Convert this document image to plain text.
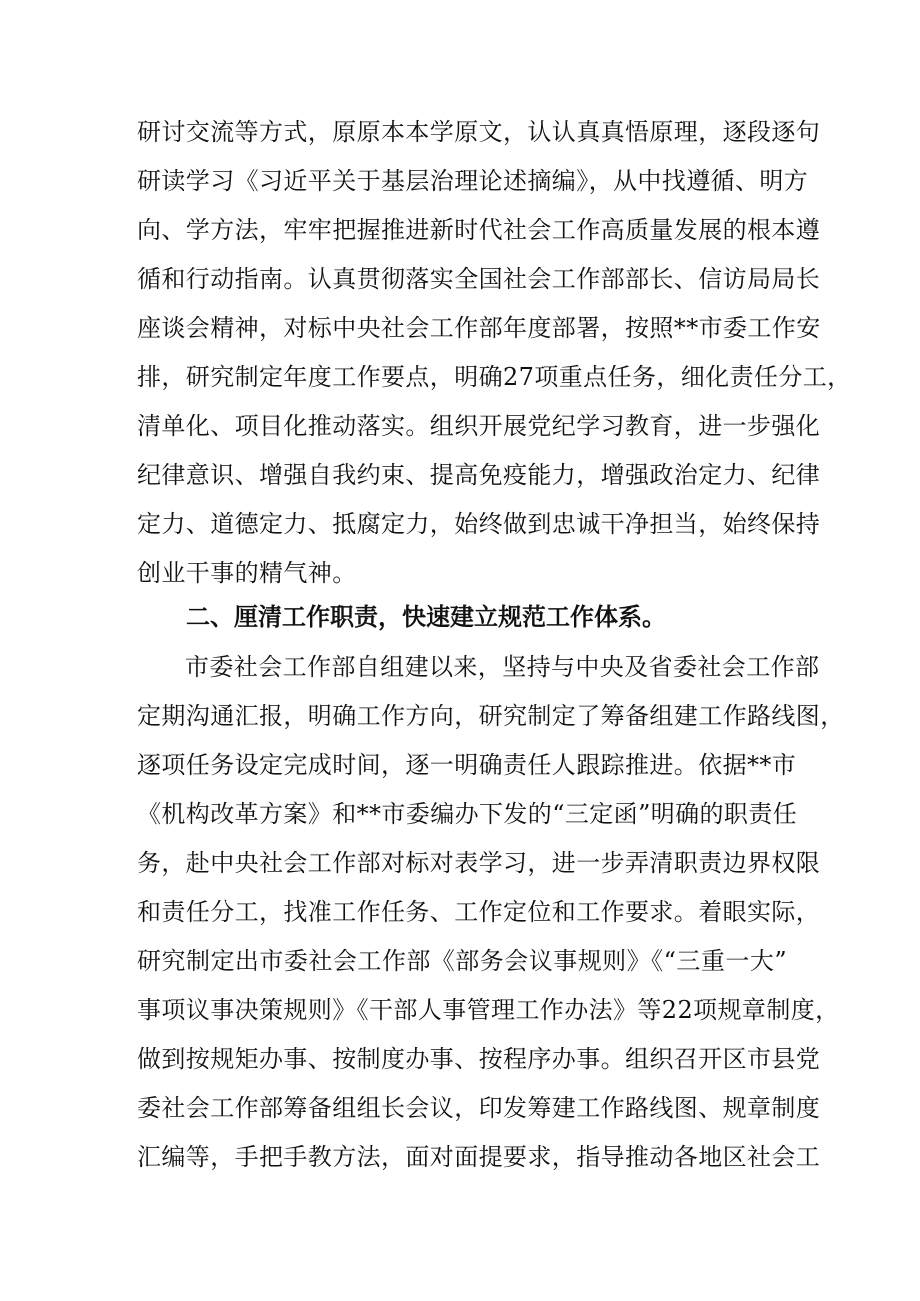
研讨交流等方式，原原本本学原文，认认真真悟原理，逐段逐句
研读学习《习近平关于基层治理论述摘编》，从中找遵循、明方
向、学方法，牢牢把握推进新时代社会工作高质量发展的根本遵
循和行动指南。认真贯彻落实全国社会工作部部长、信访局局长
座谈会精神，对标中央社会工作部年度部署，按照**市委工作安
排，研究制定年度工作要点，明确27项重点任务，细化责任分工，
清单化、项目化推动落实。组织开展党纪学习教育，进一步强化
纪律意识、增强自我约束、提高免疫能力，增强政治定力、纪律
定力、道德定力、抵腐定力，始终做到忠诚干净担当，始终保持
创业干事的精气神。
二、厘清工作职责，快速建立规范工作体系。
市委社会工作部自组建以来，坚持与中央及省委社会工作部
定期沟通汇报，明确工作方向，研究制定了筹备组建工作路线图，
逐项任务设定完成时间，逐一明确责任人跟踪推进。依据**市
《机构改革方案》和**市委编办下发的“三定函”明确的职责任
务，赴中央社会工作部对标对表学习，进一步弄清职责边界权限
和责任分工，找准工作任务、工作定位和工作要求。着眼实际，
研究制定出市委社会工作部《部务会议事规则》《“三重一大”
事项议事决策规则》《干部人事管理工作办法》等22项规章制度，
做到按规矩办事、按制度办事、按程序办事。组织召开区市县党
委社会工作部筹备组组长会议，印发筹建工作路线图、规章制度
汇编等，手把手教方法，面对面提要求，指导推动各地区社会工
